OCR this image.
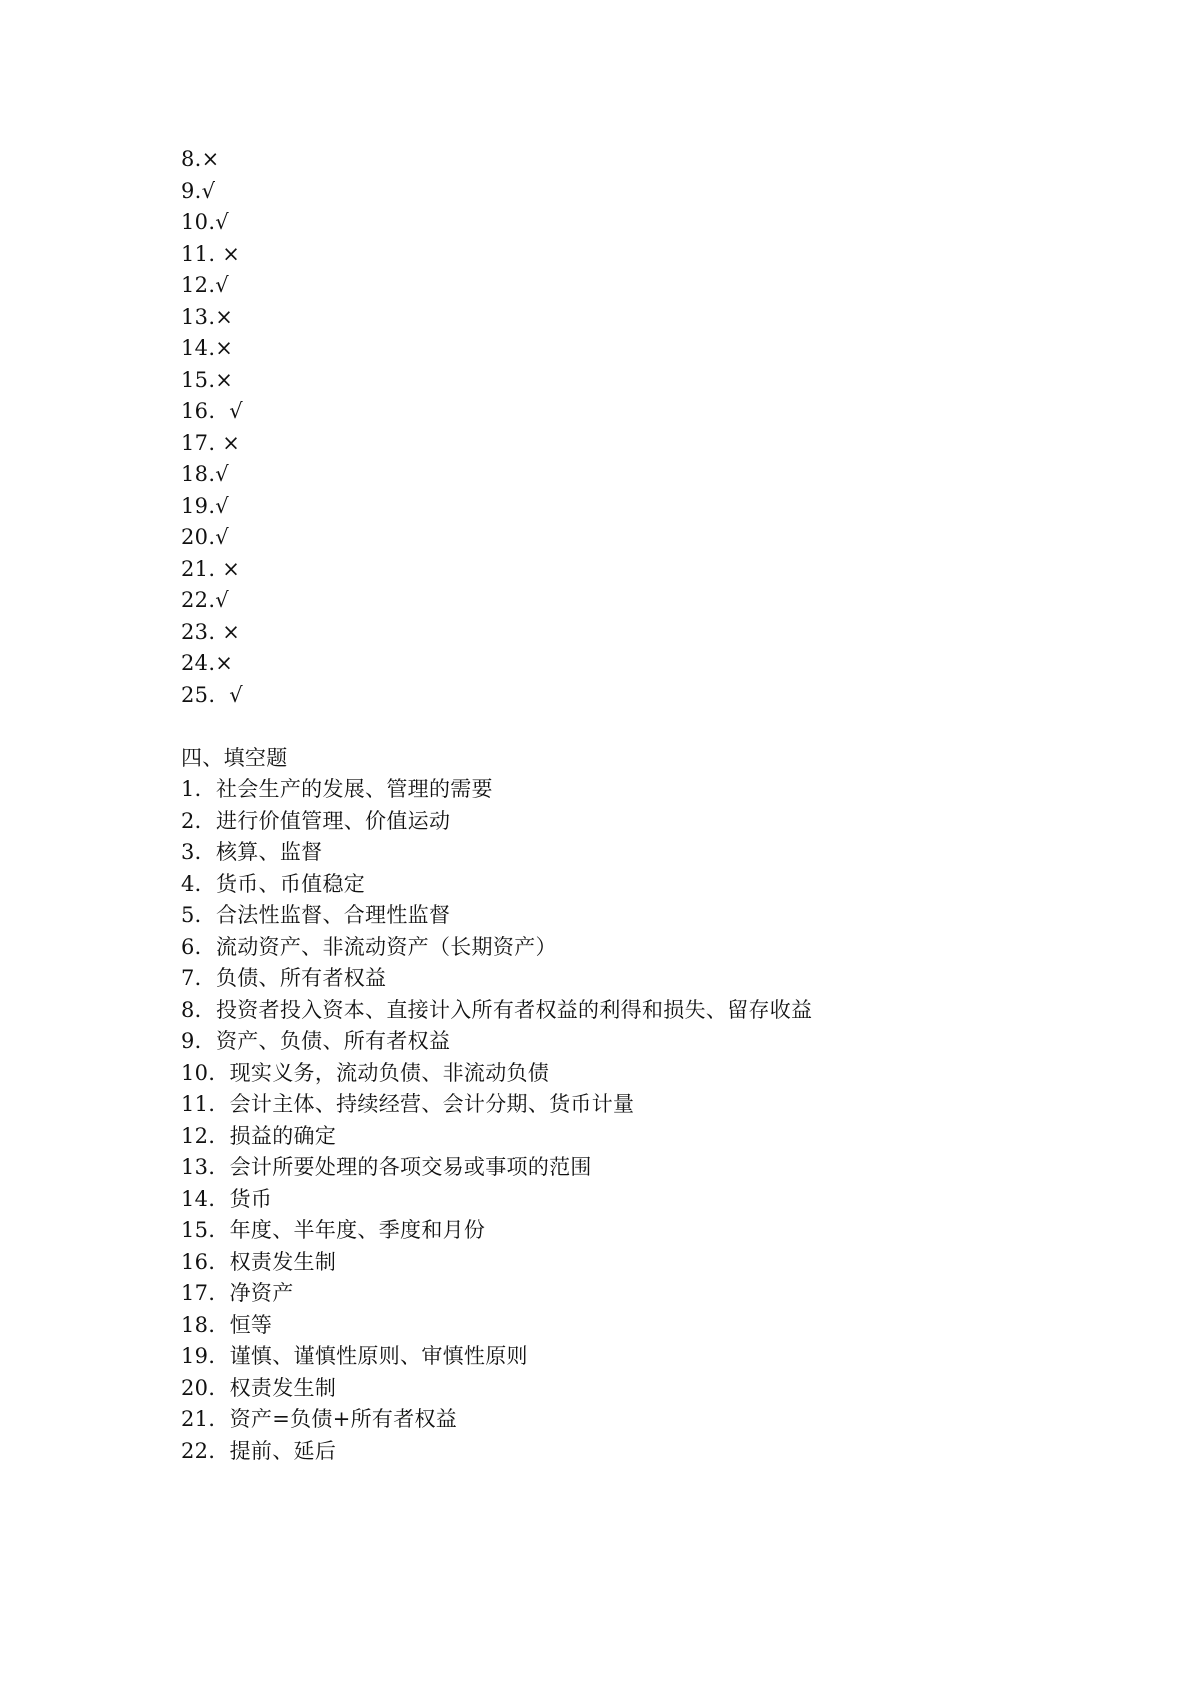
8.×
9.√
10.√
11. ×
12.√
13.×
14.×
15.×
16.  √
17. ×
18.√
19.√
20.√
21. ×
22.√
23. ×
24.×
25.  √
四、填空题
1．社会生产的发展、管理的需要
2．进行价值管理、价值运动
3．核算、监督
4．货币、币值稳定
5．合法性监督、合理性监督
6．流动资产、非流动资产（长期资产）
7．负债、所有者权益
8．投资者投入资本、直接计入所有者权益的利得和损失、留存收益
9．资产、负债、所有者权益
10．现实义务，流动负债、非流动负债
11．会计主体、持续经营、会计分期、货币计量
12．损益的确定
13．会计所要处理的各项交易或事项的范围
14．货币
15．年度、半年度、季度和月份
16．权责发生制
17．净资产
18．恒等
19．谨慎、谨慎性原则、审慎性原则
20．权责发生制
21．资产=负债+所有者权益
22．提前、延后
